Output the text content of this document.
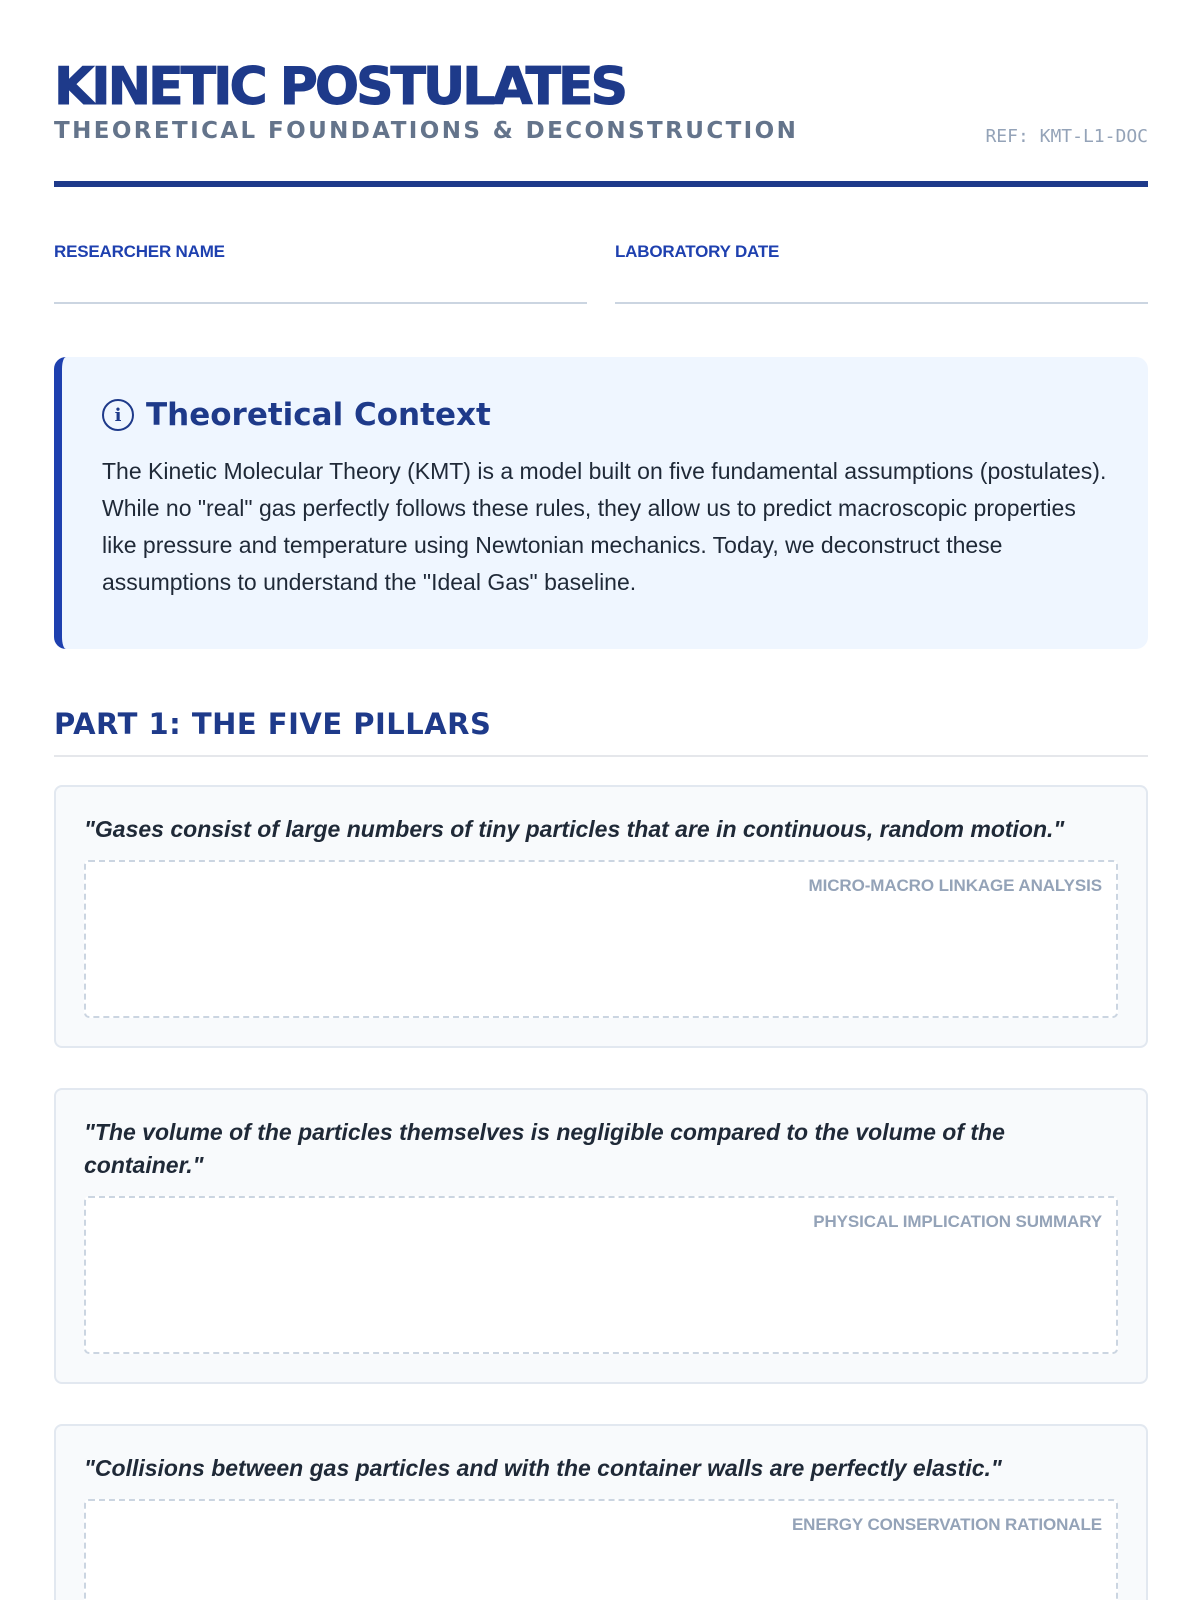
KINETIC POSTULATES
THEORETICAL FOUNDATIONS & DECONSTRUCTION	REF: KMT-L1-DOC
RESEARCHER NAME	LABORATORY DATE
i Theoretical Context
The Kinetic Molecular Theory (KMT) is a model built on five fundamental assumptions (postulates). While no "real" gas perfectly follows these rules, they allow us to predict macroscopic properties like pressure and temperature using Newtonian mechanics. Today, we deconstruct these assumptions to understand the "Ideal Gas" baseline.
PART 1: THE FIVE PILLARS
"Gases consist of large numbers of tiny particles that are in continuous, random motion."
MICRO-MACRO LINKAGE ANALYSIS
"The volume of the particles themselves is negligible compared to the volume of the container."
PHYSICAL IMPLICATION SUMMARY
"Collisions between gas particles and with the container walls are perfectly elastic."
ENERGY CONSERVATION RATIONALE
